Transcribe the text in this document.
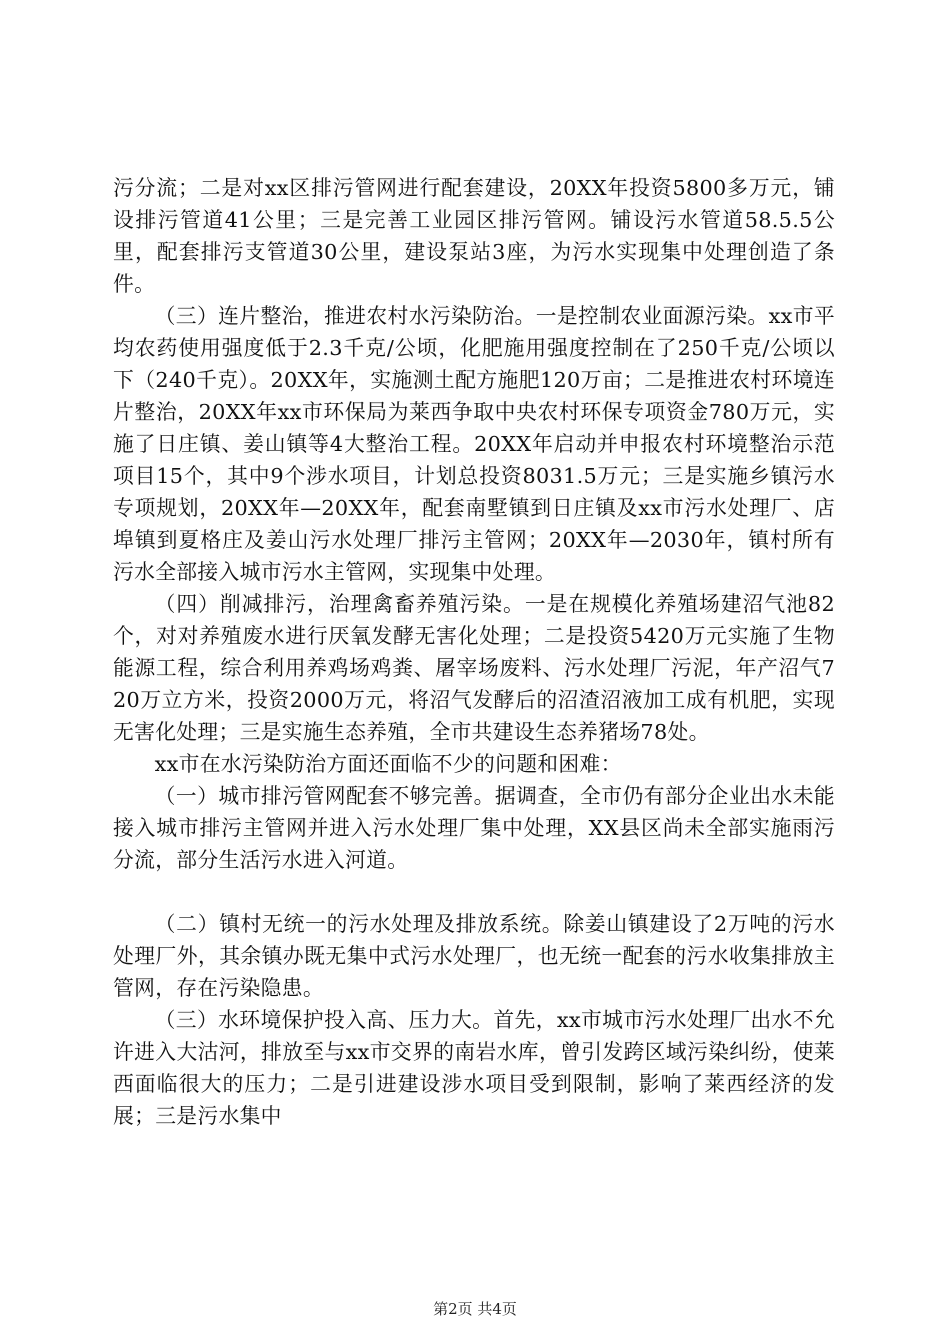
污分流；二是对xx区排污管网进行配套建设，20XX年投资5800多万元，铺设排污管道41公里；三是完善工业园区排污管网。铺设污水管道58.5.5公里，配套排污支管道30公里，建设泵站3座，为污水实现集中处理创造了条件。

（三）连片整治，推进农村水污染防治。一是控制农业面源污染。xx市平均农药使用强度低于2.3千克/公顷，化肥施用强度控制在了250千克/公顷以下（240千克）。20XX年，实施测土配方施肥120万亩；二是推进农村环境连片整治，20XX年xx市环保局为莱西争取中央农村环保专项资金780万元，实施了日庄镇、姜山镇等4大整治工程。20XX年启动并申报农村环境整治示范项目15个，其中9个涉水项目，计划总投资8031.5万元；三是实施乡镇污水专项规划，20XX年—20XX年，配套南墅镇到日庄镇及xx市污水处理厂、店埠镇到夏格庄及姜山污水处理厂排污主管网；20XX年—2030年，镇村所有污水全部接入城市污水主管网，实现集中处理。

（四）削减排污，治理禽畜养殖污染。一是在规模化养殖场建沼气池82个，对对养殖废水进行厌氧发酵无害化处理；二是投资5420万元实施了生物能源工程，综合利用养鸡场鸡粪、屠宰场废料、污水处理厂污泥，年产沼气720万立方米，投资2000万元，将沼气发酵后的沼渣沼液加工成有机肥，实现无害化处理；三是实施生态养殖，全市共建设生态养猪场78处。

xx市在水污染防治方面还面临不少的问题和困难：

（一）城市排污管网配套不够完善。据调查，全市仍有部分企业出水未能接入城市排污主管网并进入污水处理厂集中处理，XX县区尚未全部实施雨污分流，部分生活污水进入河道。

（二）镇村无统一的污水处理及排放系统。除姜山镇建设了2万吨的污水处理厂外，其余镇办既无集中式污水处理厂，也无统一配套的污水收集排放主管网，存在污染隐患。

（三）水环境保护投入高、压力大。首先，xx市城市污水处理厂出水不允许进入大沽河，排放至与xx市交界的南岩水库，曾引发跨区域污染纠纷，使莱西面临很大的压力；二是引进建设涉水项目受到限制，影响了莱西经济的发展；三是污水集中

第2页 共4页
